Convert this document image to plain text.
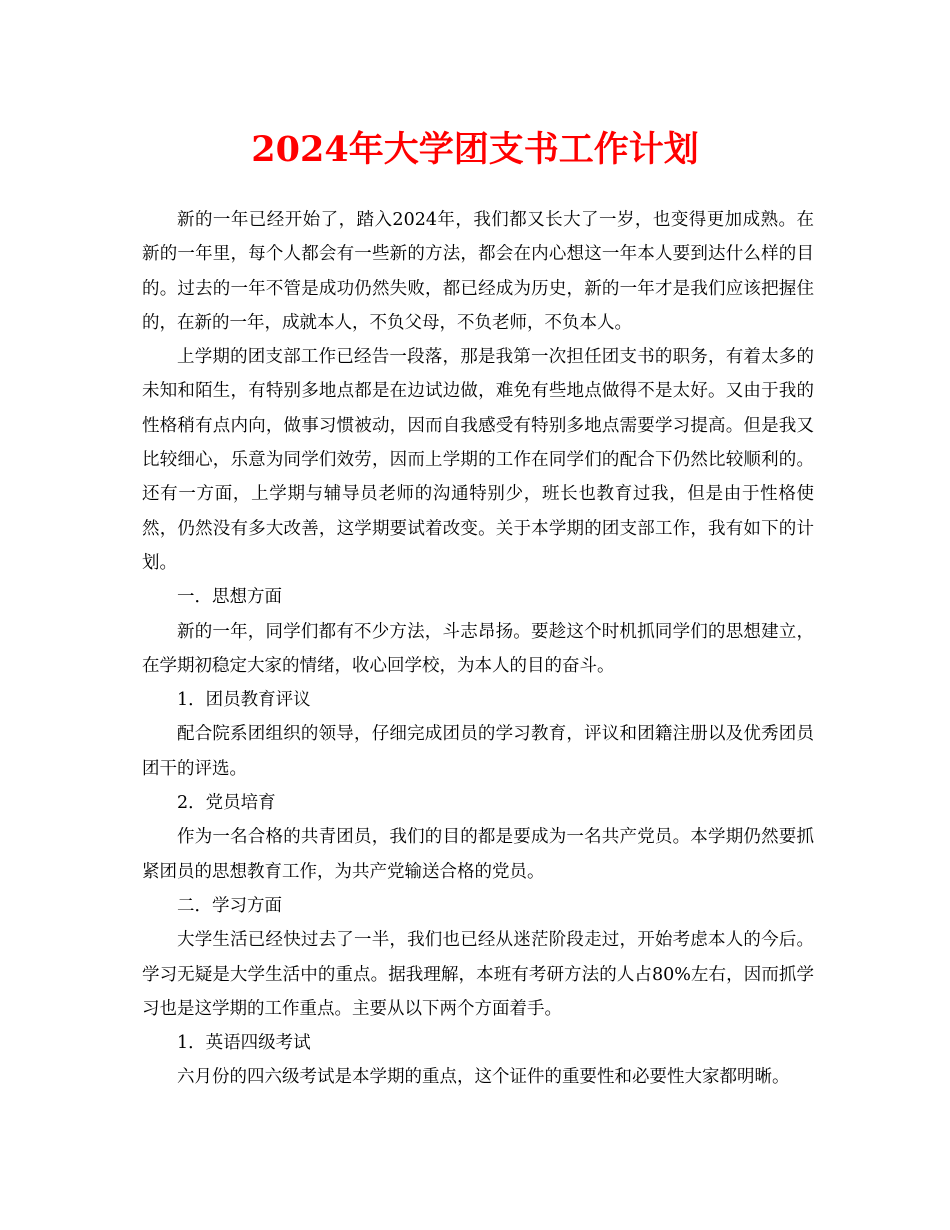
2024年大学团支书工作计划

新的一年已经开始了，踏入2024年，我们都又长大了一岁，也变得更加成熟。在新的一年里，每个人都会有一些新的方法，都会在内心想这一年本人要到达什么样的目的。过去的一年不管是成功仍然失败，都已经成为历史，新的一年才是我们应该把握住的，在新的一年，成就本人，不负父母，不负老师，不负本人。

上学期的团支部工作已经告一段落，那是我第一次担任团支书的职务，有着太多的未知和陌生，有特别多地点都是在边试边做，难免有些地点做得不是太好。又由于我的性格稍有点内向，做事习惯被动，因而自我感受有特别多地点需要学习提高。但是我又比较细心，乐意为同学们效劳，因而上学期的工作在同学们的配合下仍然比较顺利的。还有一方面，上学期与辅导员老师的沟通特别少，班长也教育过我，但是由于性格使然，仍然没有多大改善，这学期要试着改变。关于本学期的团支部工作，我有如下的计划。

一．思想方面

新的一年，同学们都有不少方法，斗志昂扬。要趁这个时机抓同学们的思想建立，在学期初稳定大家的情绪，收心回学校，为本人的目的奋斗。

1．团员教育评议

配合院系团组织的领导，仔细完成团员的学习教育，评议和团籍注册以及优秀团员团干的评选。

2．党员培育

作为一名合格的共青团员，我们的目的都是要成为一名共产党员。本学期仍然要抓紧团员的思想教育工作，为共产党输送合格的党员。

二．学习方面

大学生活已经快过去了一半，我们也已经从迷茫阶段走过，开始考虑本人的今后。学习无疑是大学生活中的重点。据我理解，本班有考研方法的人占80%左右，因而抓学习也是这学期的工作重点。主要从以下两个方面着手。

1．英语四级考试

六月份的四六级考试是本学期的重点，这个证件的重要性和必要性大家都明晰。
